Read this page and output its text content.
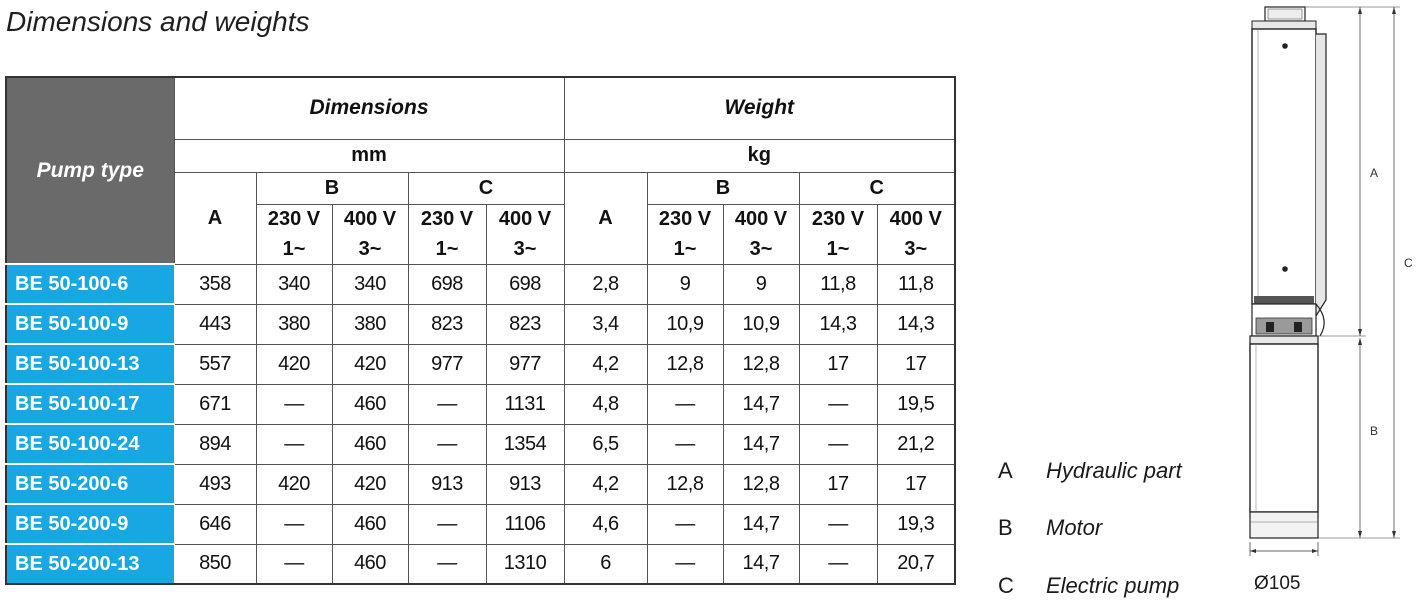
Dimensions and weights
Pump type	Dimensions					Weight				
	mm					kg				
	A	B		C		A	B		C	
		230 V	400 V	230 V	400 V		230 V	400 V	230 V	400 V
		1~	3~	1~	3~		1~	3~	1~	3~
BE 50-100-6	358	340	340	698	698	2,8	9	9	11,8	11,8
BE 50-100-9	443	380	380	823	823	3,4	10,9	10,9	14,3	14,3
BE 50-100-13	557	420	420	977	977	4,2	12,8	12,8	17	17
BE 50-100-17	671	—	460	—	1131	4,8	—	14,7	—	19,5
BE 50-100-24	894	—	460	—	1354	6,5	—	14,7	—	21,2
BE 50-200-6	493	420	420	913	913	4,2	12,8	12,8	17	17
BE 50-200-9	646	—	460	—	1106	4,6	—	14,7	—	19,3
BE 50-200-13	850	—	460	—	1310	6	—	14,7	—	20,7
A Hydraulic part
B Motor
C Electric pump
A
B
C
Ø105
